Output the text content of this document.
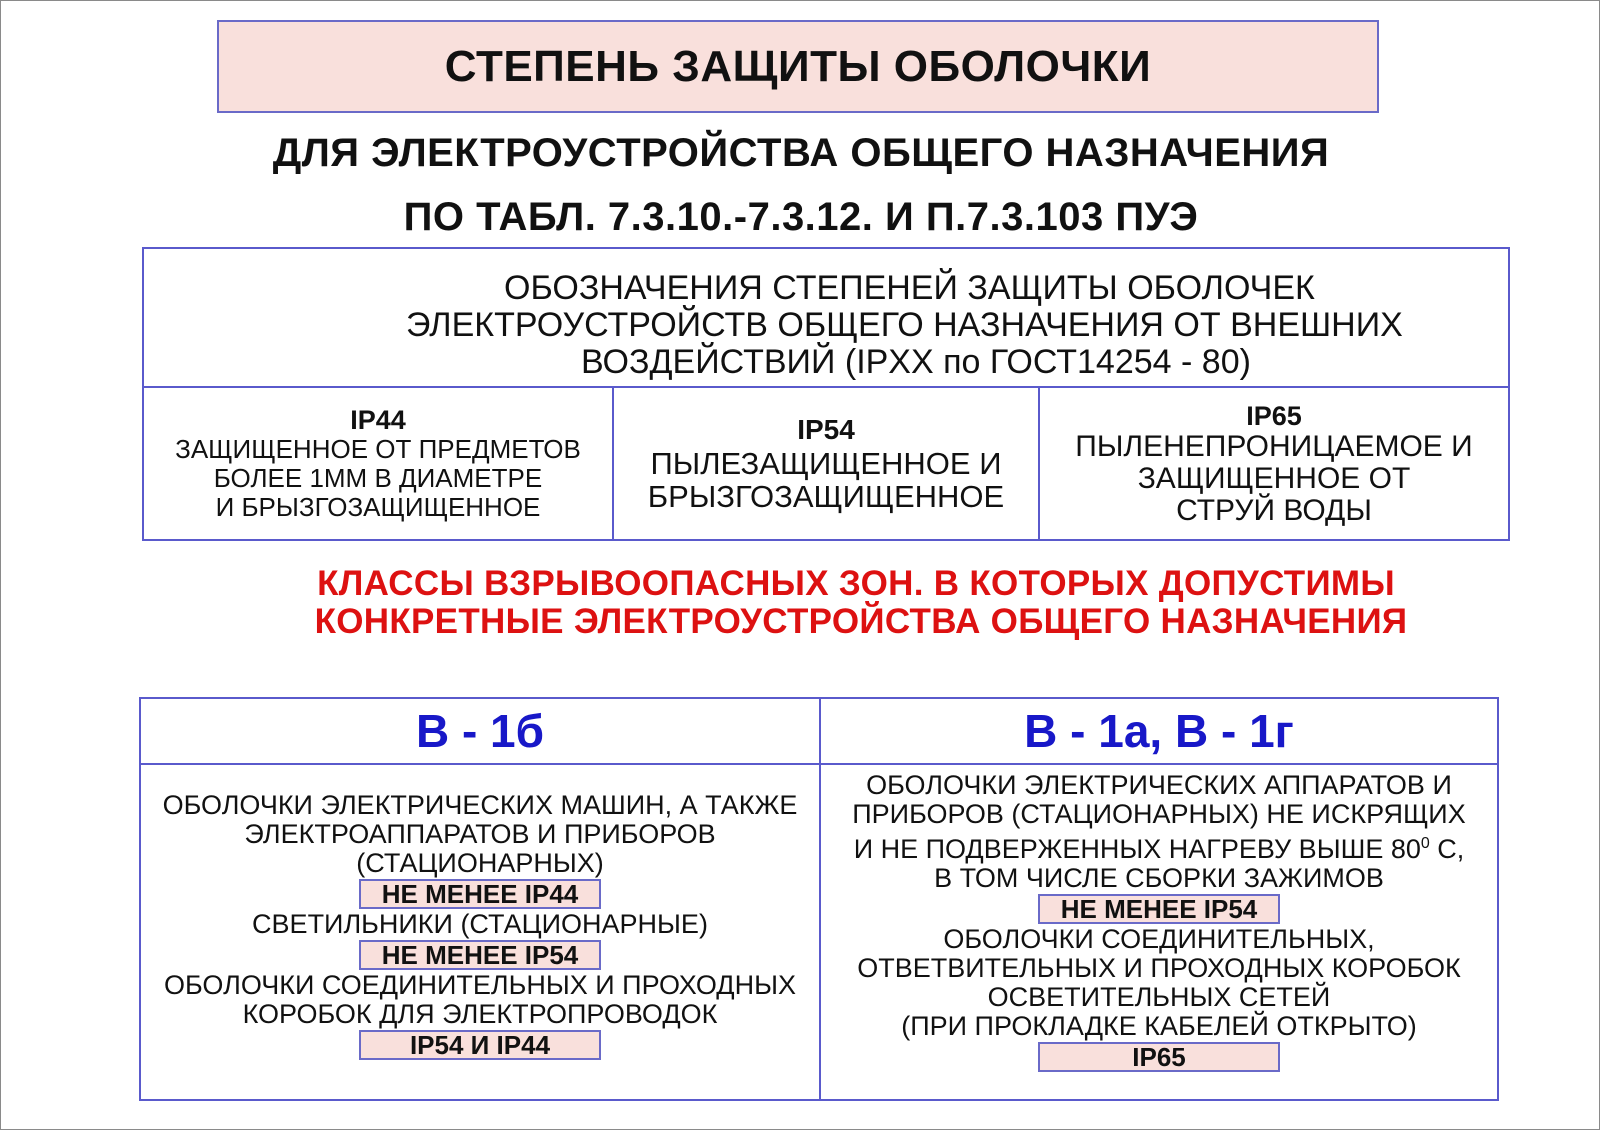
СТЕПЕНЬ ЗАЩИТЫ ОБОЛОЧКИ
ДЛЯ ЭЛЕКТРОУСТРОЙСТВА ОБЩЕГО НАЗНАЧЕНИЯ
ПО ТАБЛ. 7.3.10.-7.3.12. И П.7.3.103 ПУЭ
ОБОЗНАЧЕНИЯ СТЕПЕНЕЙ ЗАЩИТЫ ОБОЛОЧЕК
ЭЛЕКТРОУСТРОЙСТВ ОБЩЕГО НАЗНАЧЕНИЯ ОТ ВНЕШНИХ
ВОЗДЕЙСТВИЙ (IPXX по ГОСТ14254 - 80)
IP44
ЗАЩИЩЕННОЕ ОТ ПРЕДМЕТОВ
БОЛЕЕ 1ММ В ДИАМЕТРЕ
И БРЫЗГОЗАЩИЩЕННОЕ
IP54
ПЫЛЕЗАЩИЩЕННОЕ И
БРЫЗГОЗАЩИЩЕННОЕ
IP65
ПЫЛЕНЕПРОНИЦАЕМОЕ И
ЗАЩИЩЕННОЕ ОТ
СТРУЙ ВОДЫ
КЛАССЫ ВЗРЫВООПАСНЫХ ЗОН. В КОТОРЫХ ДОПУСТИМЫ
КОНКРЕТНЫЕ ЭЛЕКТРОУСТРОЙСТВА ОБЩЕГО НАЗНАЧЕНИЯ
В - 1б
ОБОЛОЧКИ ЭЛЕКТРИЧЕСКИХ МАШИН, А ТАКЖЕ
ЭЛЕКТРОАППАРАТОВ И ПРИБОРОВ
(СТАЦИОНАРНЫХ)
НЕ МЕНЕЕ IP44
СВЕТИЛЬНИКИ (СТАЦИОНАРНЫЕ)
НЕ МЕНЕЕ IP54
ОБОЛОЧКИ СОЕДИНИТЕЛЬНЫХ И ПРОХОДНЫХ
КОРОБОК ДЛЯ ЭЛЕКТРОПРОВОДОК
IP54 И IP44
В - 1а, В - 1г
ОБОЛОЧКИ ЭЛЕКТРИЧЕСКИХ АППАРАТОВ И
ПРИБОРОВ (СТАЦИОНАРНЫХ) НЕ ИСКРЯЩИХ
И НЕ ПОДВЕРЖЕННЫХ НАГРЕВУ ВЫШЕ $80^0$ С,
В ТОМ ЧИСЛЕ СБОРКИ ЗАЖИМОВ
НЕ МЕНЕЕ IP54
ОБОЛОЧКИ СОЕДИНИТЕЛЬНЫХ,
ОТВЕТВИТЕЛЬНЫХ И ПРОХОДНЫХ КОРОБОК
ОСВЕТИТЕЛЬНЫХ СЕТЕЙ
(ПРИ ПРОКЛАДКЕ КАБЕЛЕЙ ОТКРЫТО)
IP65
